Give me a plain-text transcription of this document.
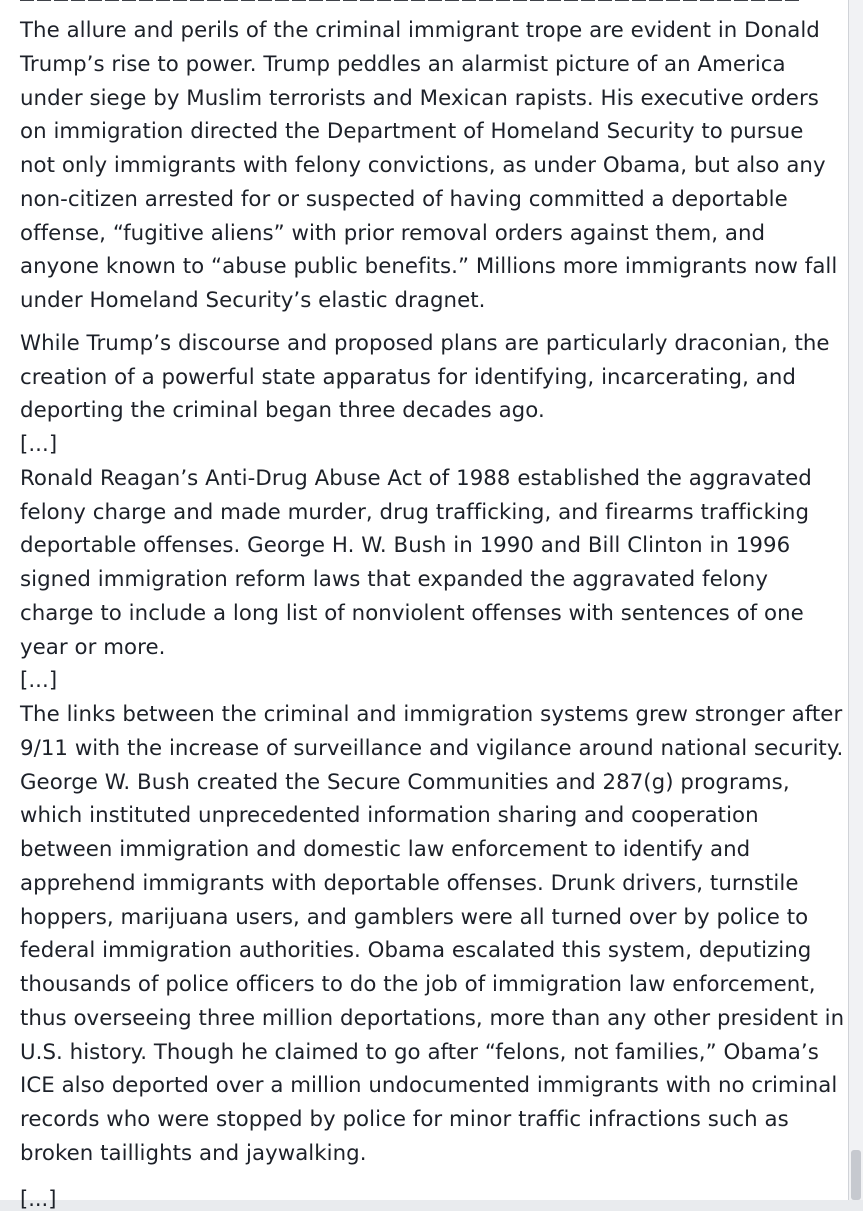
The allure and perils of the criminal immigrant trope are evident in Donald Trump’s rise to power. Trump peddles an alarmist picture of an America under siege by Muslim terrorists and Mexican rapists. His executive orders on immigration directed the Department of Homeland Security to pursue not only immigrants with felony convictions, as under Obama, but also any non-citizen arrested for or suspected of having committed a deportable offense, “fugitive aliens” with prior removal orders against them, and anyone known to “abuse public benefits.” Millions more immigrants now fall under Homeland Security’s elastic dragnet.

While Trump’s discourse and proposed plans are particularly draconian, the creation of a powerful state apparatus for identifying, incarcerating, and deporting the criminal began three decades ago.

[...]

Ronald Reagan’s Anti-Drug Abuse Act of 1988 established the aggravated felony charge and made murder, drug trafficking, and firearms trafficking deportable offenses. George H. W. Bush in 1990 and Bill Clinton in 1996 signed immigration reform laws that expanded the aggravated felony charge to include a long list of nonviolent offenses with sentences of one year or more.

[...]

The links between the criminal and immigration systems grew stronger after 9/11 with the increase of surveillance and vigilance around national security. George W. Bush created the Secure Communities and 287(g) programs, which instituted unprecedented information sharing and cooperation between immigration and domestic law enforcement to identify and apprehend immigrants with deportable offenses. Drunk drivers, turnstile hoppers, marijuana users, and gamblers were all turned over by police to federal immigration authorities. Obama escalated this system, deputizing thousands of police officers to do the job of immigration law enforcement, thus overseeing three million deportations, more than any other president in U.S. history. Though he claimed to go after “felons, not families,” Obama’s ICE also deported over a million undocumented immigrants with no criminal records who were stopped by police for minor traffic infractions such as broken taillights and jaywalking.

[...]
